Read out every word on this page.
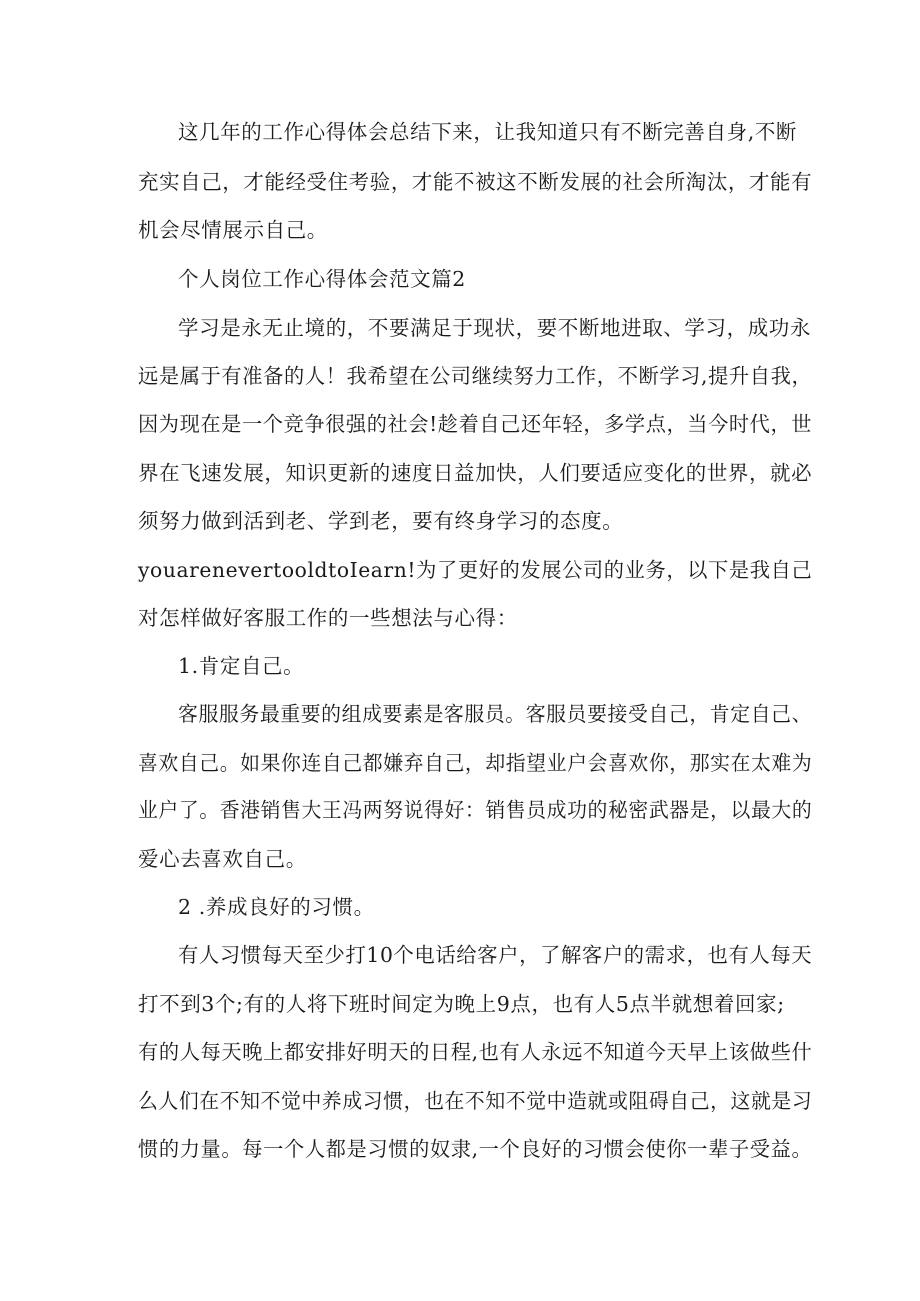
这几年的工作心得体会总结下来，让我知道只有不断完善自身,不断
充实自己，才能经受住考验，才能不被这不断发展的社会所淘汰，才能有
机会尽情展示自己。
个人岗位工作心得体会范文篇2
学习是永无止境的，不要满足于现状，要不断地进取、学习，成功永
远是属于有准备的人！我希望在公司继续努力工作，不断学习,提升自我，
因为现在是一个竞争很强的社会!趁着自己还年轻，多学点，当今时代，世
界在飞速发展，知识更新的速度日益加快，人们要适应变化的世界，就必
须努力做到活到老、学到老，要有终身学习的态度。
youarenevertooldtoIearn!为了更好的发展公司的业务，以下是我自己
对怎样做好客服工作的一些想法与心得：
1.肯定自己。
客服服务最重要的组成要素是客服员。客服员要接受自己，肯定自己、
喜欢自己。如果你连自己都嫌弃自己，却指望业户会喜欢你，那实在太难为
业户了。香港销售大王冯两努说得好：销售员成功的秘密武器是，以最大的
爱心去喜欢自己。
2 .养成良好的习惯。
有人习惯每天至少打10个电话给客户，了解客户的需求，也有人每天
打不到3个;有的人将下班时间定为晚上9点，也有人5点半就想着回家;
有的人每天晚上都安排好明天的日程,也有人永远不知道今天早上该做些什
么人们在不知不觉中养成习惯，也在不知不觉中造就或阻碍自己，这就是习
惯的力量。每一个人都是习惯的奴隶,一个良好的习惯会使你一辈子受益。
